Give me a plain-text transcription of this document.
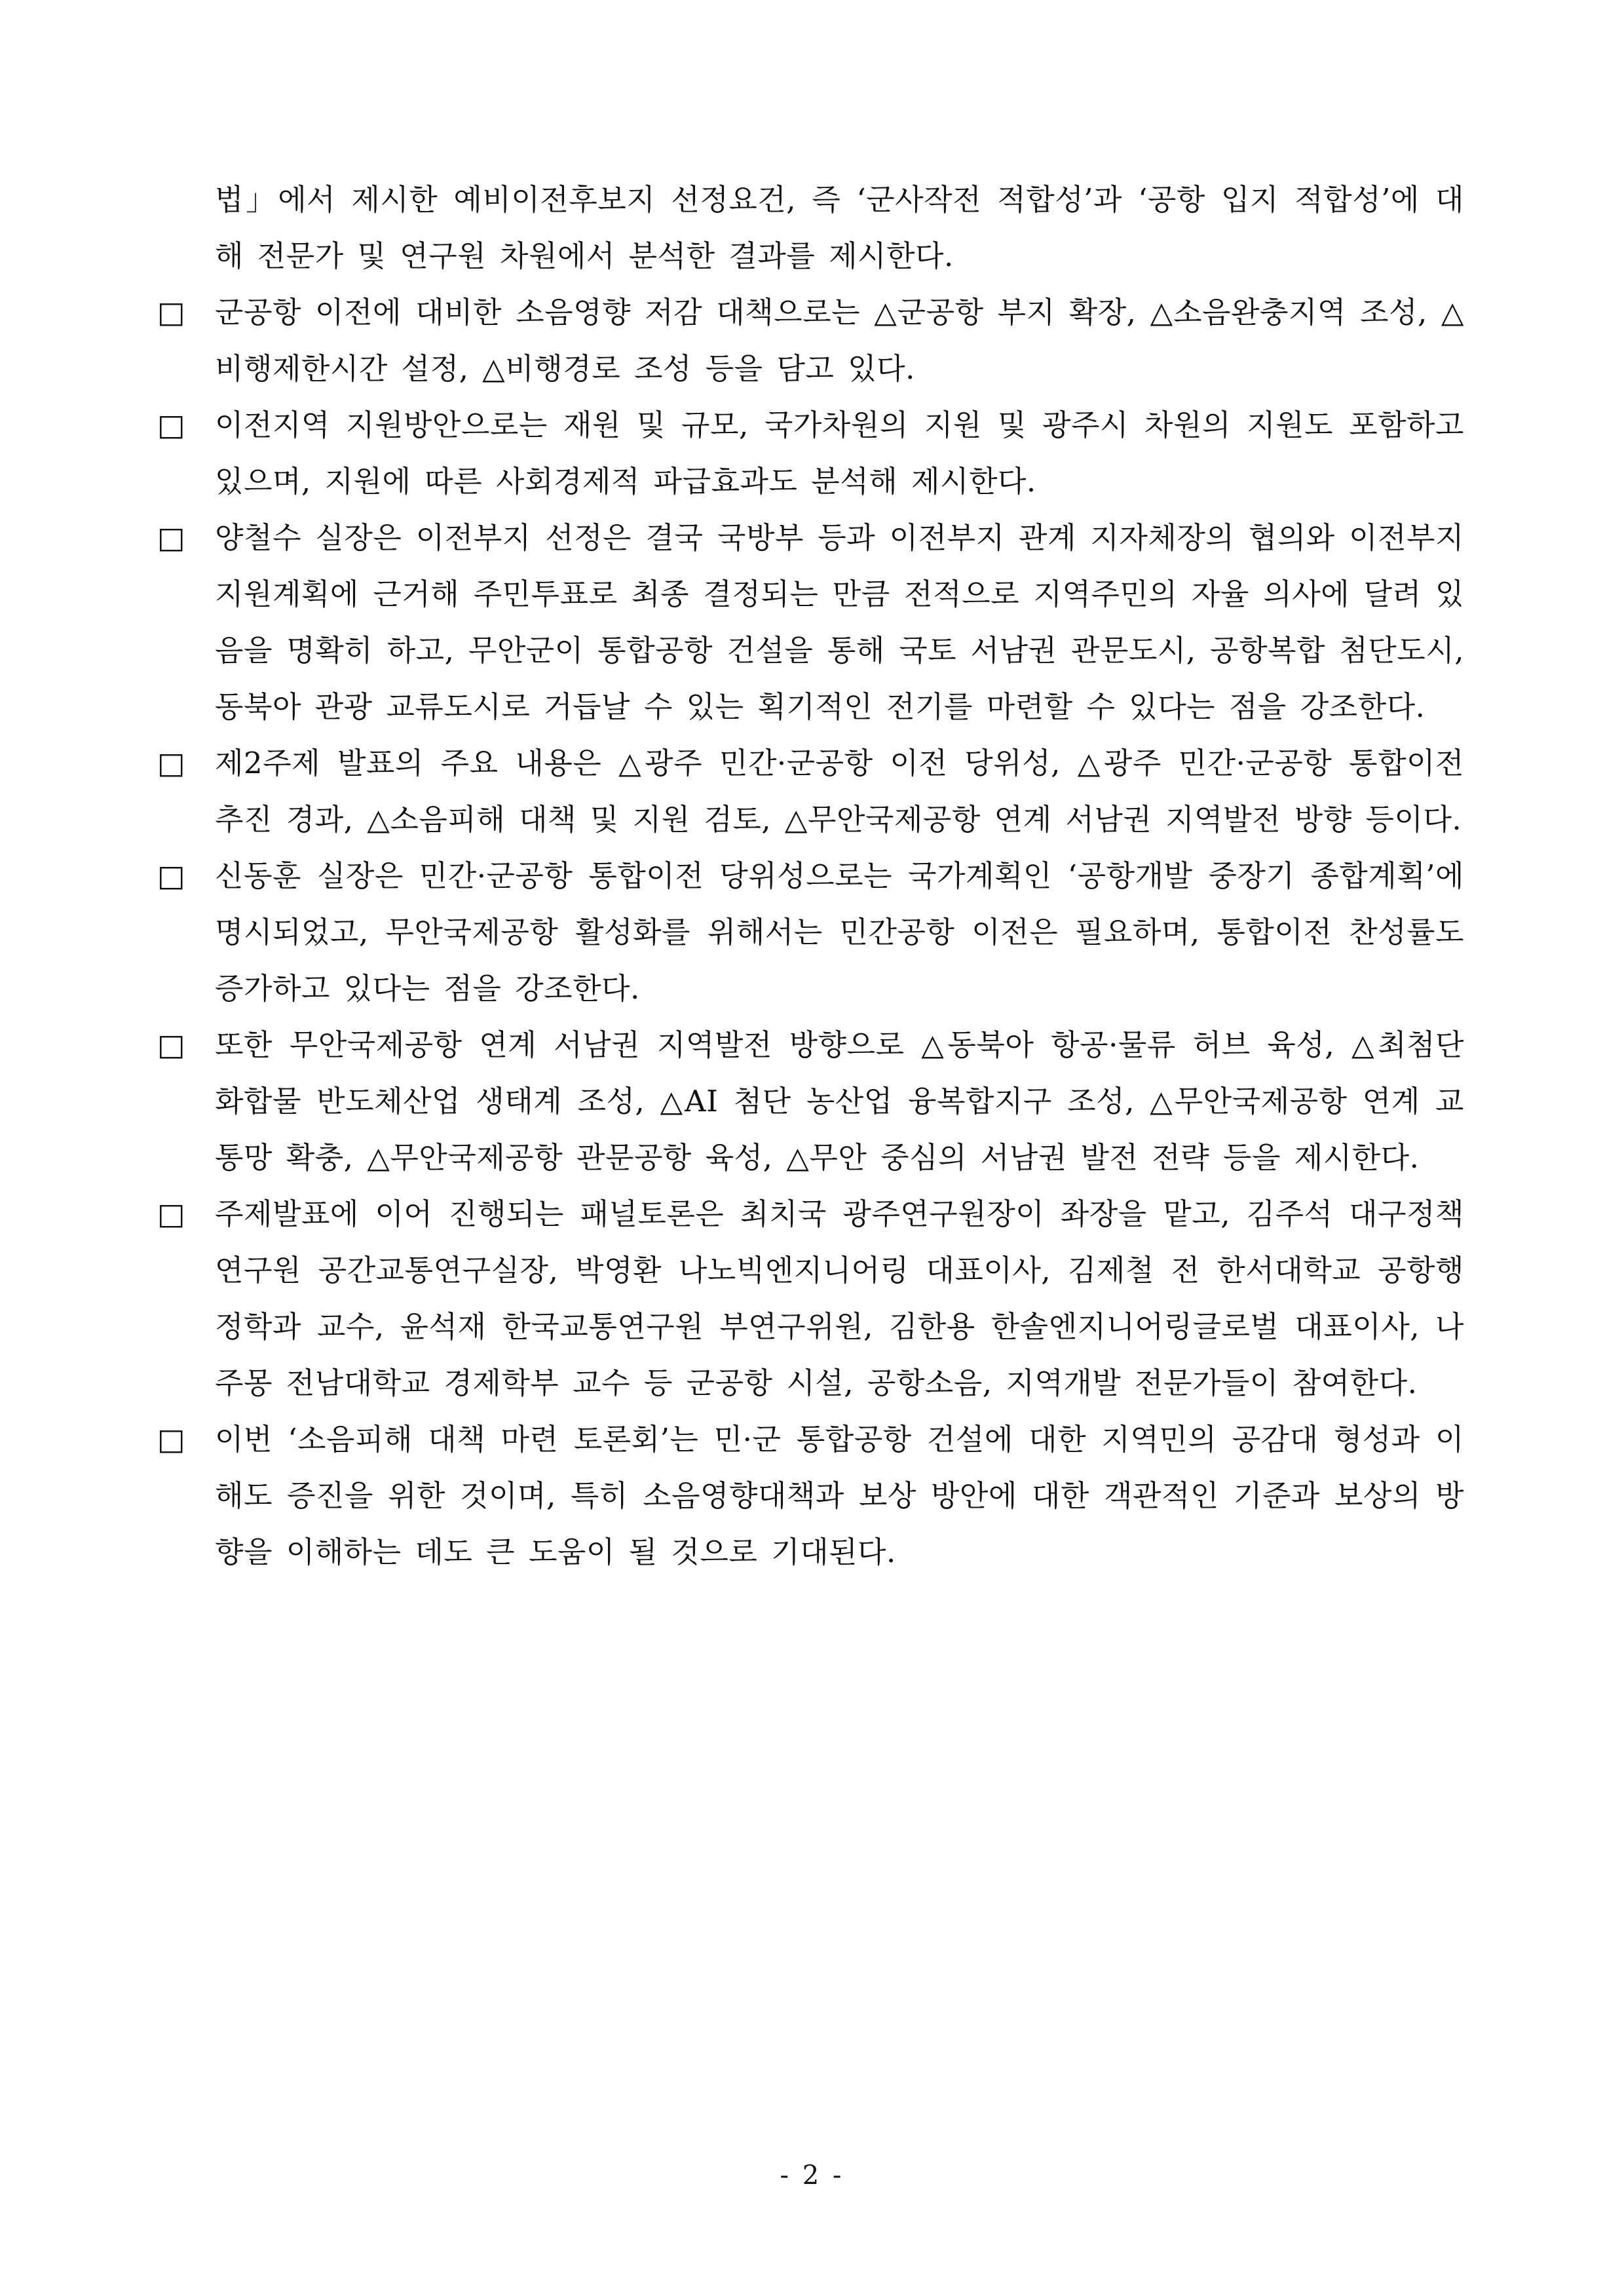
법」에서 제시한 예비이전후보지 선정요건, 즉 ‘군사작전 적합성’과 ‘공항 입지 적합성’에 대해 전문가 및 연구원 차원에서 분석한 결과를 제시한다.

□	군공항 이전에 대비한 소음영향 저감 대책으로는 △군공항 부지 확장, △소음완충지역 조성, △비행제한시간 설정, △비행경로 조성 등을 담고 있다.

□	이전지역 지원방안으로는 재원 및 규모, 국가차원의 지원 및 광주시 차원의 지원도 포함하고 있으며, 지원에 따른 사회경제적 파급효과도 분석해 제시한다.

□	양철수 실장은 이전부지 선정은 결국 국방부 등과 이전부지 관계 지자체장의 협의와 이전부지 지원계획에 근거해 주민투표로 최종 결정되는 만큼 전적으로 지역주민의 자율 의사에 달려 있음을 명확히 하고, 무안군이 통합공항 건설을 통해 국토 서남권 관문도시, 공항복합 첨단도시, 동북아 관광 교류도시로 거듭날 수 있는 획기적인 전기를 마련할 수 있다는 점을 강조한다.

□	제2주제 발표의 주요 내용은 △광주 민간·군공항 이전 당위성, △광주 민간·군공항 통합이전 추진 경과, △소음피해 대책 및 지원 검토, △무안국제공항 연계 서남권 지역발전 방향 등이다.

□	신동훈 실장은 민간·군공항 통합이전 당위성으로는 국가계획인 ‘공항개발 중장기 종합계획’에 명시되었고, 무안국제공항 활성화를 위해서는 민간공항 이전은 필요하며, 통합이전 찬성률도 증가하고 있다는 점을 강조한다.

□	또한 무안국제공항 연계 서남권 지역발전 방향으로 △동북아 항공·물류 허브 육성, △최첨단 화합물 반도체산업 생태계 조성, △AI 첨단 농산업 융복합지구 조성, △무안국제공항 연계 교통망 확충, △무안국제공항 관문공항 육성, △무안 중심의 서남권 발전 전략 등을 제시한다.

□	주제발표에 이어 진행되는 패널토론은 최치국 광주연구원장이 좌장을 맡고, 김주석 대구정책연구원 공간교통연구실장, 박영환 나노빅엔지니어링 대표이사, 김제철 전 한서대학교 공항행정학과 교수, 윤석재 한국교통연구원 부연구위원, 김한용 한솔엔지니어링글로벌 대표이사, 나주몽 전남대학교 경제학부 교수 등 군공항 시설, 공항소음, 지역개발 전문가들이 참여한다.

□	이번 ‘소음피해 대책 마련 토론회’는 민·군 통합공항 건설에 대한 지역민의 공감대 형성과 이해도 증진을 위한 것이며, 특히 소음영향대책과 보상 방안에 대한 객관적인 기준과 보상의 방향을 이해하는 데도 큰 도움이 될 것으로 기대된다.

- 2 -
